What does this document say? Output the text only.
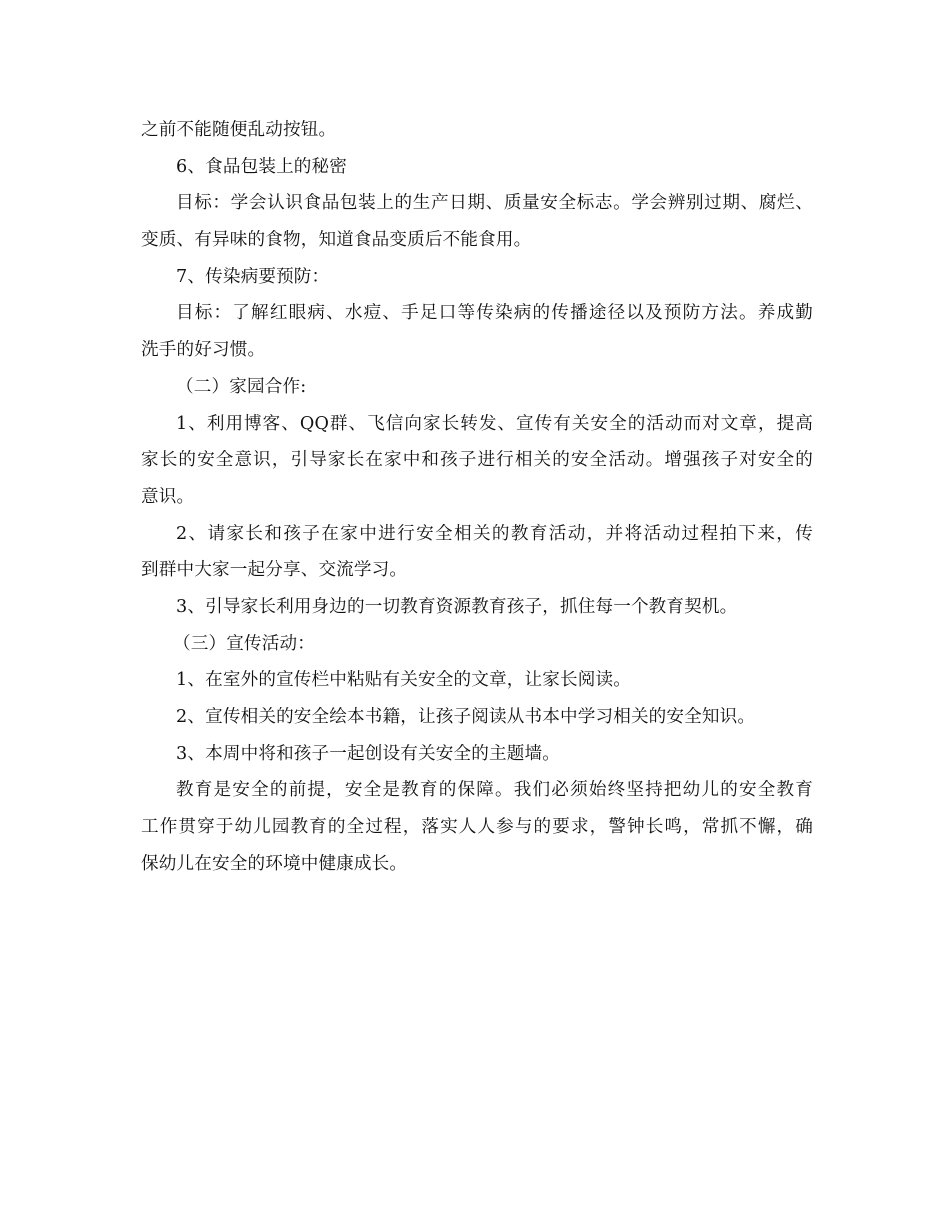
之前不能随便乱动按钮。
6、食品包装上的秘密
目标：学会认识食品包装上的生产日期、质量安全标志。学会辨别过期、腐烂、
变质、有异味的食物，知道食品变质后不能食用。
7、传染病要预防：
目标：了解红眼病、水痘、手足口等传染病的传播途径以及预防方法。养成勤
洗手的好习惯。
（二）家园合作:
1、利用博客、QQ群、飞信向家长转发、宣传有关安全的活动而对文章，提高
家长的安全意识，引导家长在家中和孩子进行相关的安全活动。增强孩子对安全的
意识。
2、请家长和孩子在家中进行安全相关的教育活动，并将活动过程拍下来，传
到群中大家一起分享、交流学习。
3、引导家长利用身边的一切教育资源教育孩子，抓住每一个教育契机。
（三）宣传活动：
1、在室外的宣传栏中粘贴有关安全的文章，让家长阅读。
2、宣传相关的安全绘本书籍，让孩子阅读从书本中学习相关的安全知识。
3、本周中将和孩子一起创设有关安全的主题墙。
教育是安全的前提，安全是教育的保障。我们必须始终坚持把幼儿的安全教育
工作贯穿于幼儿园教育的全过程，落实人人参与的要求，警钟长鸣，常抓不懈，确
保幼儿在安全的环境中健康成长。
